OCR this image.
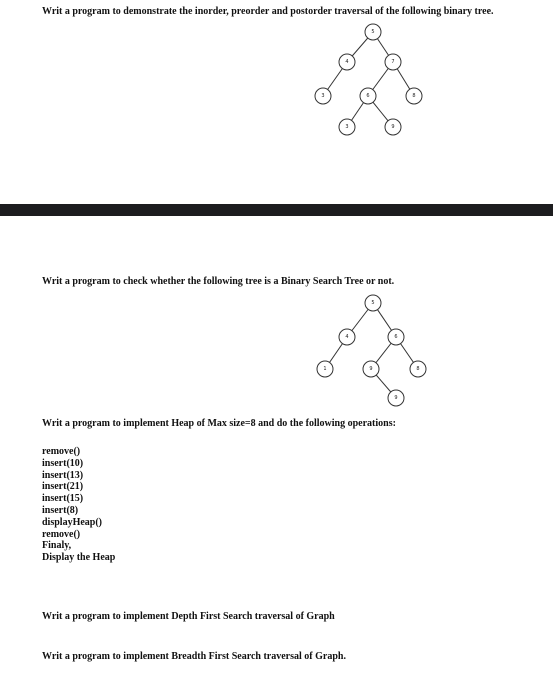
Writ a program to demonstrate the inorder, preorder and postorder traversal of the following binary tree.
5
4	7
3	6	8
3	9
Writ a program to check whether the following tree is a Binary Search Tree or not.
5
4	6
1	9	8
9
Writ a program to implement Heap of Max size=8 and do the following operations:
remove()
insert(10)
insert(13)
insert(21)
insert(15)
insert(8)
displayHeap()
remove()
Finaly,
Display the Heap
Writ a program to implement Depth First Search traversal of Graph
Writ a program to implement Breadth First Search traversal of Graph.
